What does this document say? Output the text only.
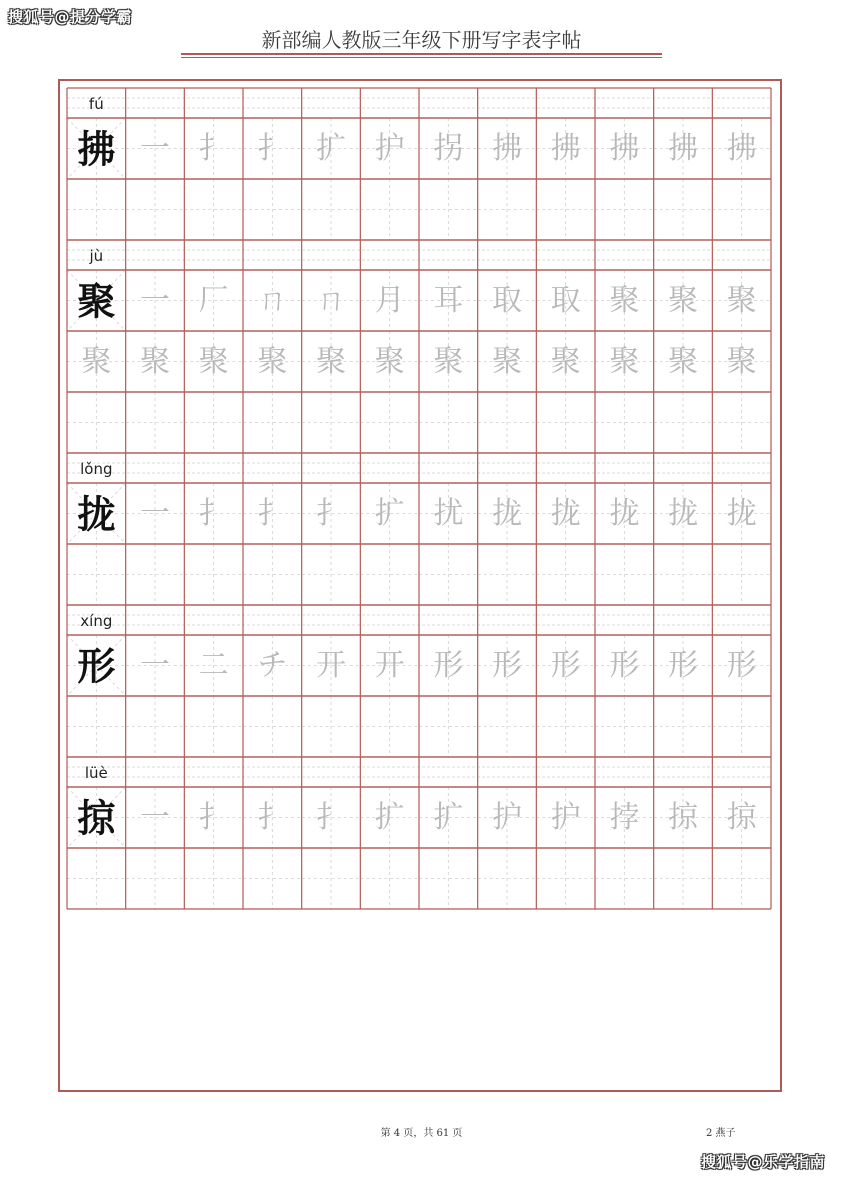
搜狐号@提分学霸
新部编人教版三年级下册写字表字帖
fú
拂 一 扌 扌 扩 护 拐 拂 拂 拂 拂 拂
jù
聚 一 厂 ㄇ ㄇ 月 耳 取 取 聚 聚 聚
聚 聚 聚 聚 聚 聚 聚 聚 聚 聚 聚 聚
lǒng
拢 一 扌 扌 扌 扩 扰 拢 拢 拢 拢 拢
xíng
形 一 二 チ 开 开 形 形 形 形 形 形
lüè
掠 一 扌 扌 扌 扩 扩 护 护 挬 掠 掠
第 4 页，共 61 页	2 燕子
搜狐号@乐学指南
